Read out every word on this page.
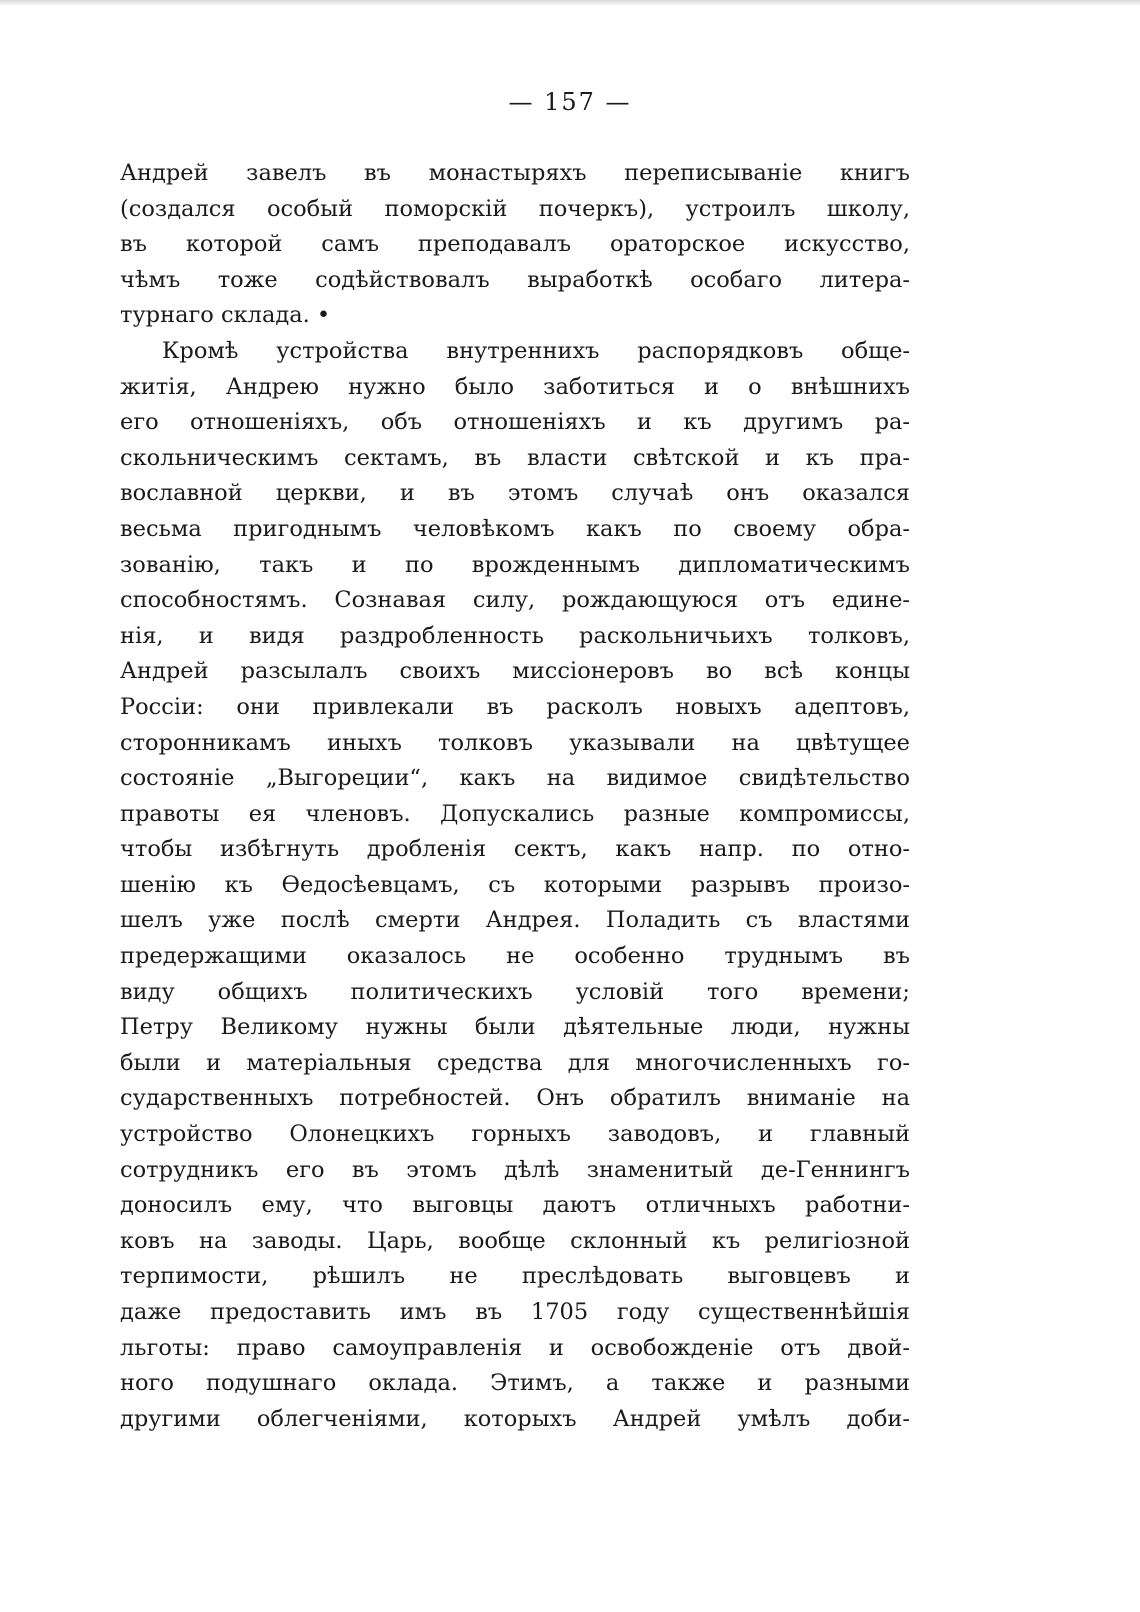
— 157 —
Андрей завелъ въ монастыряхъ переписыванiе книгъ
(создался особый поморскiй почеркъ), устроилъ школу,
въ которой самъ преподавалъ ораторское искусство,
чѣмъ тоже содѣйствовалъ выработкѣ особаго литера-
турнаго склада. •
Кромѣ устройства внутреннихъ распорядковъ обще-
житiя, Андрею нужно было заботиться и о внѣшнихъ
его отношенiяхъ, объ отношенiяхъ и къ другимъ ра-
скольническимъ сектамъ, въ власти свѣтской и къ пра-
вославной церкви, и въ этомъ случаѣ онъ оказался
весьма пригоднымъ человѣкомъ какъ по своему обра-
зованiю, такъ и по врожденнымъ дипломатическимъ
способностямъ. Сознавая силу, рождающуюся отъ едине-
нiя, и видя раздробленность раскольничьихъ толковъ,
Андрей разсылалъ своихъ миссiонеровъ во всѣ концы
Россiи: они привлекали въ расколъ новыхъ адептовъ,
сторонникамъ иныхъ толковъ указывали на цвѣтущее
состоянiе „Выгореции“, какъ на видимое свидѣтельство
правоты ея членовъ. Допускались разные компромиссы,
чтобы избѣгнуть дробленiя сектъ, какъ напр. по отно-
шенiю къ Ѳедосѣевцамъ, съ которыми разрывъ произо-
шелъ уже послѣ смерти Андрея. Поладить съ властями
предержащими оказалось не особенно труднымъ въ
виду общихъ политическихъ условiй того времени;
Петру Великому нужны были дѣятельные люди, нужны
были и матерiальныя средства для многочисленныхъ го-
сударственныхъ потребностей. Онъ обратилъ вниманiе на
устройство Олонецкихъ горныхъ заводовъ, и главный
сотрудникъ его въ этомъ дѣлѣ знаменитый де-Геннингъ
доносилъ ему, что выговцы даютъ отличныхъ работни-
ковъ на заводы. Царь, вообще склонный къ религiозной
терпимости, рѣшилъ не преслѣдовать выговцевъ и
даже предоставить имъ въ 1705 году существеннѣйшiя
льготы: право самоуправленiя и освобожденiе отъ двой-
ного подушнаго оклада. Этимъ, а также и разными
другими облегченiями, которыхъ Андрей умѣлъ доби-
